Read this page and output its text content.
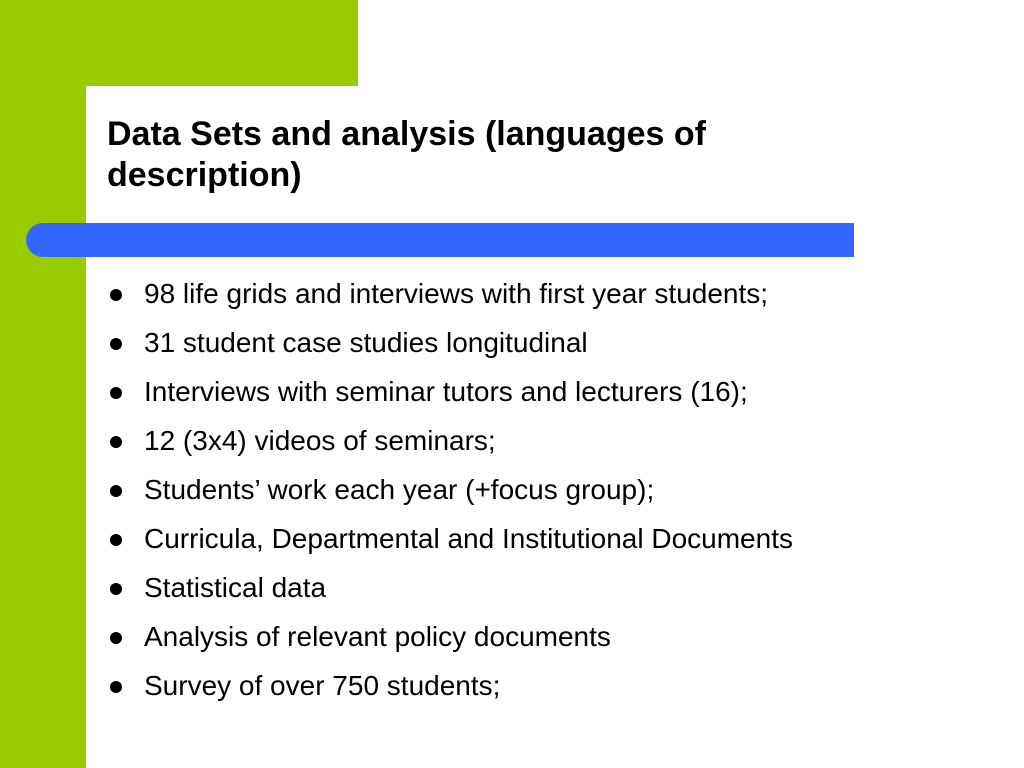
Data Sets and analysis (languages of description)
98 life grids and interviews with first year students;
31 student case studies longitudinal
Interviews with seminar tutors and lecturers (16);
12 (3x4) videos of seminars;
Students’ work each year (+focus group);
Curricula, Departmental and Institutional Documents
Statistical data
Analysis of relevant policy documents
Survey of over 750 students;
